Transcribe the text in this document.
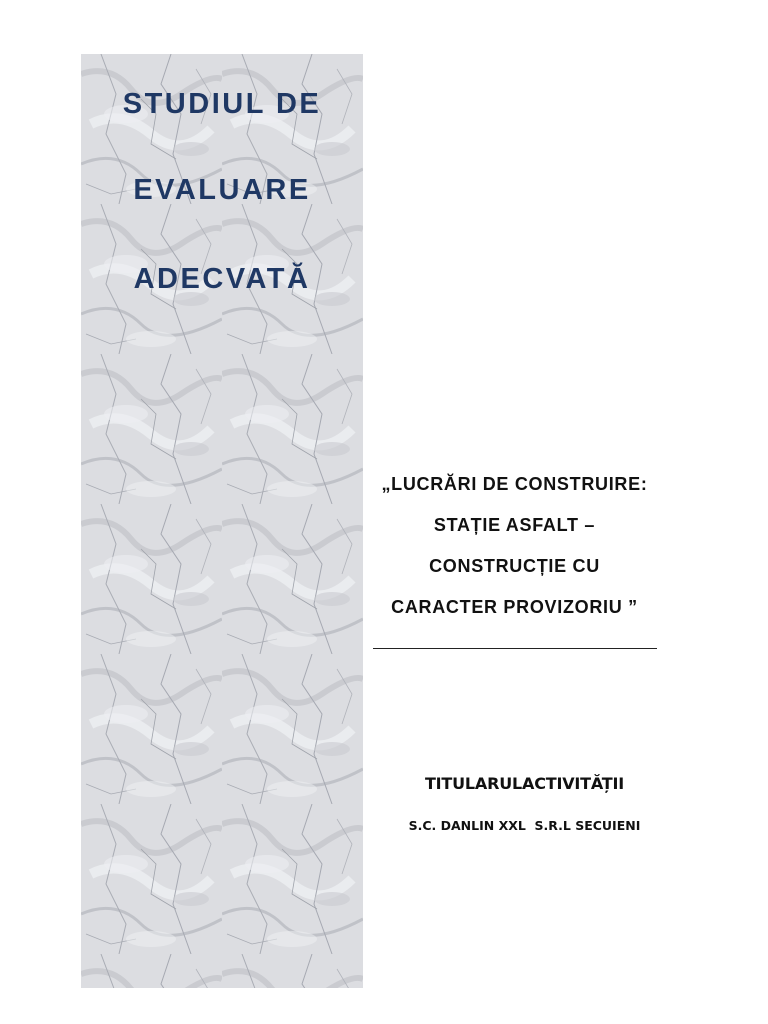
STUDIUL DE
EVALUARE
ADECVATĂ
„LUCRĂRI DE CONSTRUIRE:
STAȚIE ASFALT –
CONSTRUCȚIE CU
CARACTER PROVIZORIU ”
TITULARULACTIVITĂȚII
S.C. DANLIN XXL  S.R.L SECUIENI
